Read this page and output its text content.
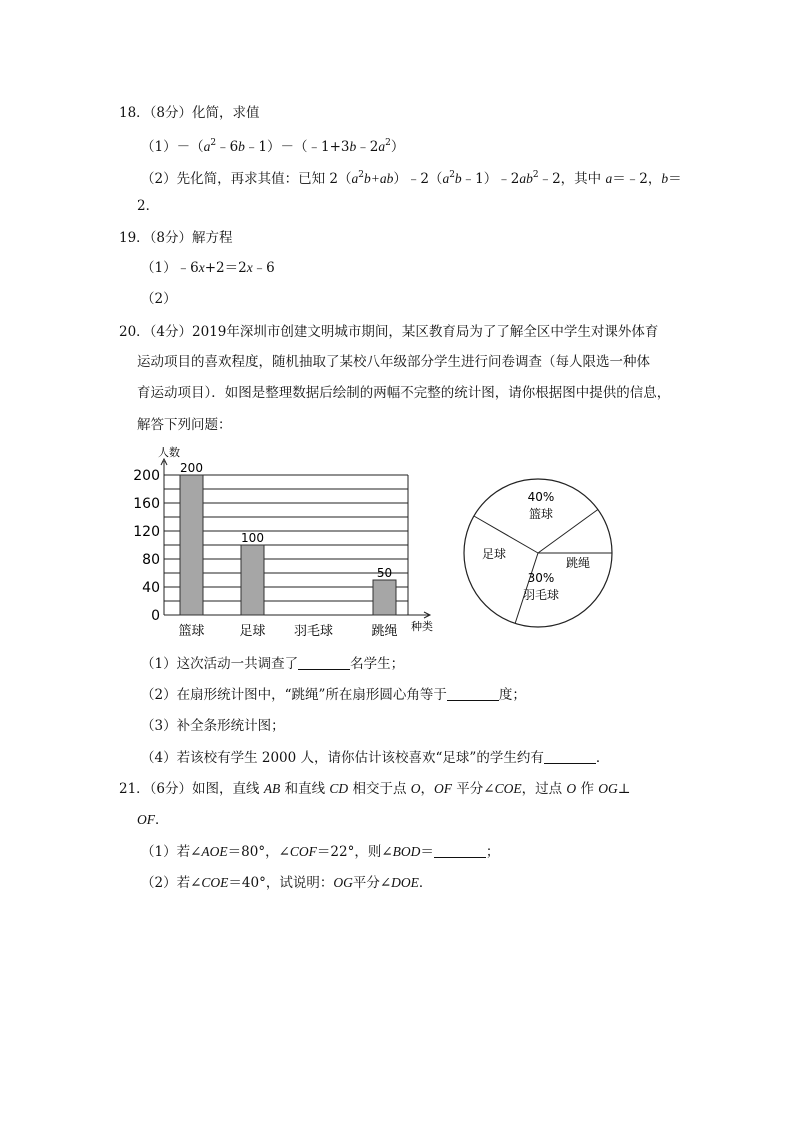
18．（8分）化简，求值
$(1)-(a^2﹣6b﹣1)-(﹣1+3b﹣2a^2)$
（2）先化简，再求其值：已知 $2(a^2b+ab)﹣2(a^2b﹣1)﹣2ab^2﹣2$，其中 a＝﹣2，b＝
2．
19．（8分）解方程
（1）﹣6x+2＝2x﹣6
（2）
20．（4分）2019年深圳市创建文明城市期间，某区教育局为了了解全区中学生对课外体育
运动项目的喜欢程度，随机抽取了某校八年级部分学生进行问卷调查（每人限选一种体
育运动项目）．如图是整理数据后绘制的两幅不完整的统计图，请你根据图中提供的信息，
解答下列问题：
0
40
80
120
160
200
人数
种类
200
篮球
100
足球 羽毛球
50
跳绳
40%
篮球
跳绳
30%
羽毛球
足球
（1）这次活动一共调查了	名学生；
（2）在扇形统计图中，“跳绳”所在扇形圆心角等于	度；
（3）补全条形统计图；
（4）若该校有学生 2000 人，请你估计该校喜欢“足球”的学生约有	．
21．（6分）如图，直线 AB 和直线 CD 相交于点 O，OF 平分∠COE，过点 O 作 OG⊥
OF．
（1）若∠AOE＝80°，∠COF＝22°，则∠BOD＝	；
（2）若∠COE＝40°，试说明：OG平分∠DOE．
